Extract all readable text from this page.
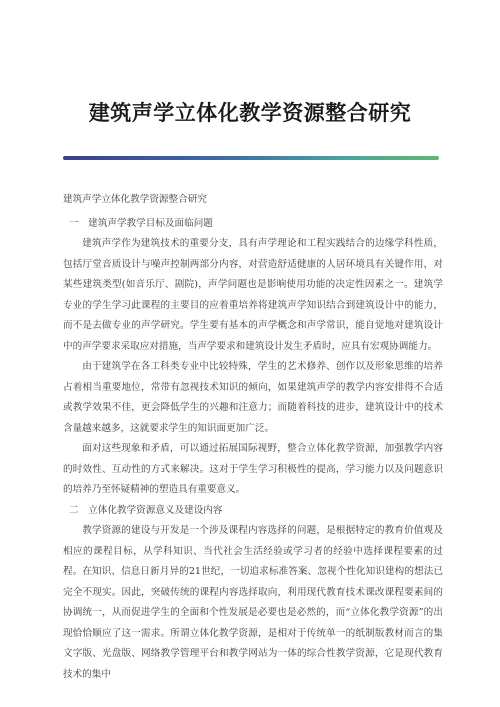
建筑声学立体化教学资源整合研究

建筑声学立体化教学资源整合研究

一　建筑声学教学目标及面临问题

建筑声学作为建筑技术的重要分支，具有声学理论和工程实践结合的边缘学科性质，包括厅堂音质设计与噪声控制两部分内容，对营造舒适健康的人居环境具有关键作用，对某些建筑类型(如音乐厅、剧院)，声学问题也是影响使用功能的决定性因素之一。建筑学专业的学生学习此课程的主要目的应着重培养将建筑声学知识结合到建筑设计中的能力，而不是去做专业的声学研究。学生要有基本的声学概念和声学常识，能自觉地对建筑设计中的声学要求采取应对措施，当声学要求和建筑设计发生矛盾时，应具有宏观协调能力。

由于建筑学在各工科类专业中比较特殊，学生的艺术修养、创作以及形象思维的培养占着相当重要地位，常带有忽视技术知识的倾向，如果建筑声学的教学内容安排得不合适或教学效果不佳，更会降低学生的兴趣和注意力；而随着科技的进步，建筑设计中的技术含量越来越多，这就要求学生的知识面更加广泛。

面对这些现象和矛盾，可以通过拓展国际视野，整合立体化教学资源，加强教学内容的时效性、互动性的方式来解决。这对于学生学习积极性的提高，学习能力以及问题意识的培养乃至怀疑精神的塑造具有重要意义。

二　立体化教学资源意义及建设内容

教学资源的建设与开发是一个涉及课程内容选择的问题，是根据特定的教育价值观及相应的课程目标，从学科知识、当代社会生活经验或学习者的经验中选择课程要素的过程。在知识、信息日新月异的21世纪，一切追求标准答案、忽视个性化知识建构的想法已完全不现实。因此，突破传统的课程内容选择取向，利用现代教育技术课改课程要素间的协调统一，从而促进学生的全面和个性发展是必要也是必然的，而“立体化教学资源”的出现恰恰顺应了这一需求。所谓立体化教学资源，是相对于传统单一的纸制版教材而言的集文字版、光盘版、网络教学管理平台和教学网站为一体的综合性教学资源，它是现代教育技术的集中
